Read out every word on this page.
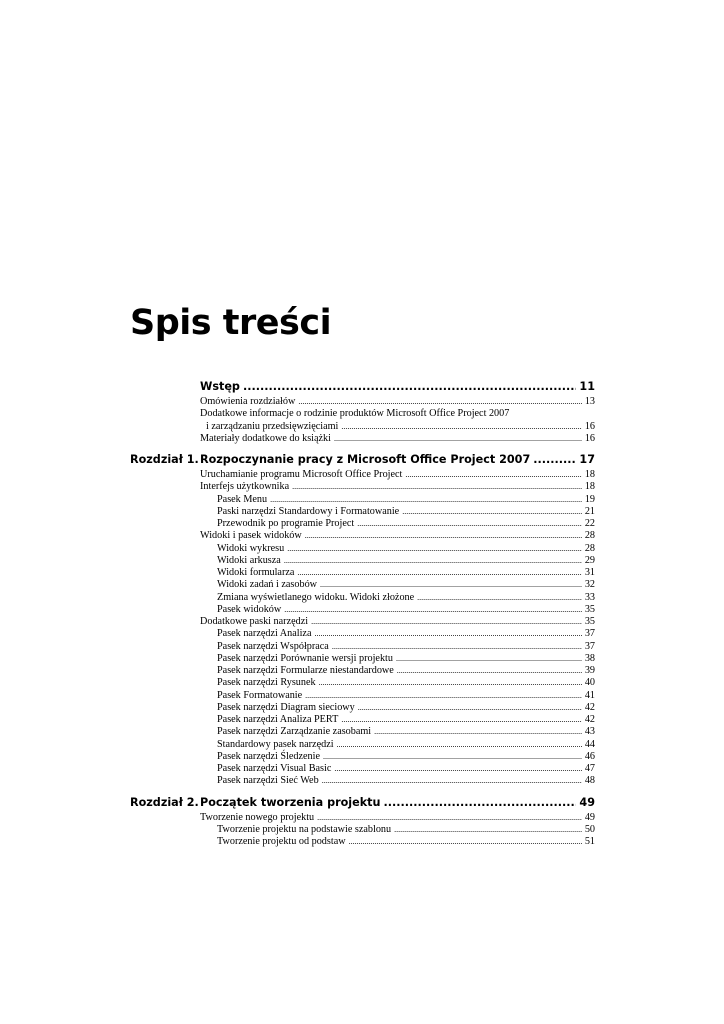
Spis treści
Wstęp .....	11
Omówienia rozdziałów .....	13
Dodatkowe informacje o rodzinie produktów Microsoft Office Project 2007
i zarządzaniu przedsięwzięciami .....	16
Materiały dodatkowe do książki .....	16
Rozdział 1. Rozpoczynanie pracy z Microsoft Office Project 2007 .....	17
Uruchamianie programu Microsoft Office Project .....	18
Interfejs użytkownika .....	18
Pasek Menu .....	19
Paski narzędzi Standardowy i Formatowanie .....	21
Przewodnik po programie Project .....	22
Widoki i pasek widoków .....	28
Widoki wykresu .....	28
Widoki arkusza .....	29
Widoki formularza .....	31
Widoki zadań i zasobów .....	32
Zmiana wyświetlanego widoku. Widoki złożone .....	33
Pasek widoków .....	35
Dodatkowe paski narzędzi .....	35
Pasek narzędzi Analiza .....	37
Pasek narzędzi Współpraca .....	37
Pasek narzędzi Porównanie wersji projektu .....	38
Pasek narzędzi Formularze niestandardowe .....	39
Pasek narzędzi Rysunek .....	40
Pasek Formatowanie .....	41
Pasek narzędzi Diagram sieciowy .....	42
Pasek narzędzi Analiza PERT .....	42
Pasek narzędzi Zarządzanie zasobami .....	43
Standardowy pasek narzędzi .....	44
Pasek narzędzi Śledzenie .....	46
Pasek narzędzi Visual Basic .....	47
Pasek narzędzi Sieć Web .....	48
Rozdział 2. Początek tworzenia projektu .....	49
Tworzenie nowego projektu .....	49
Tworzenie projektu na podstawie szablonu .....	50
Tworzenie projektu od podstaw .....	51
